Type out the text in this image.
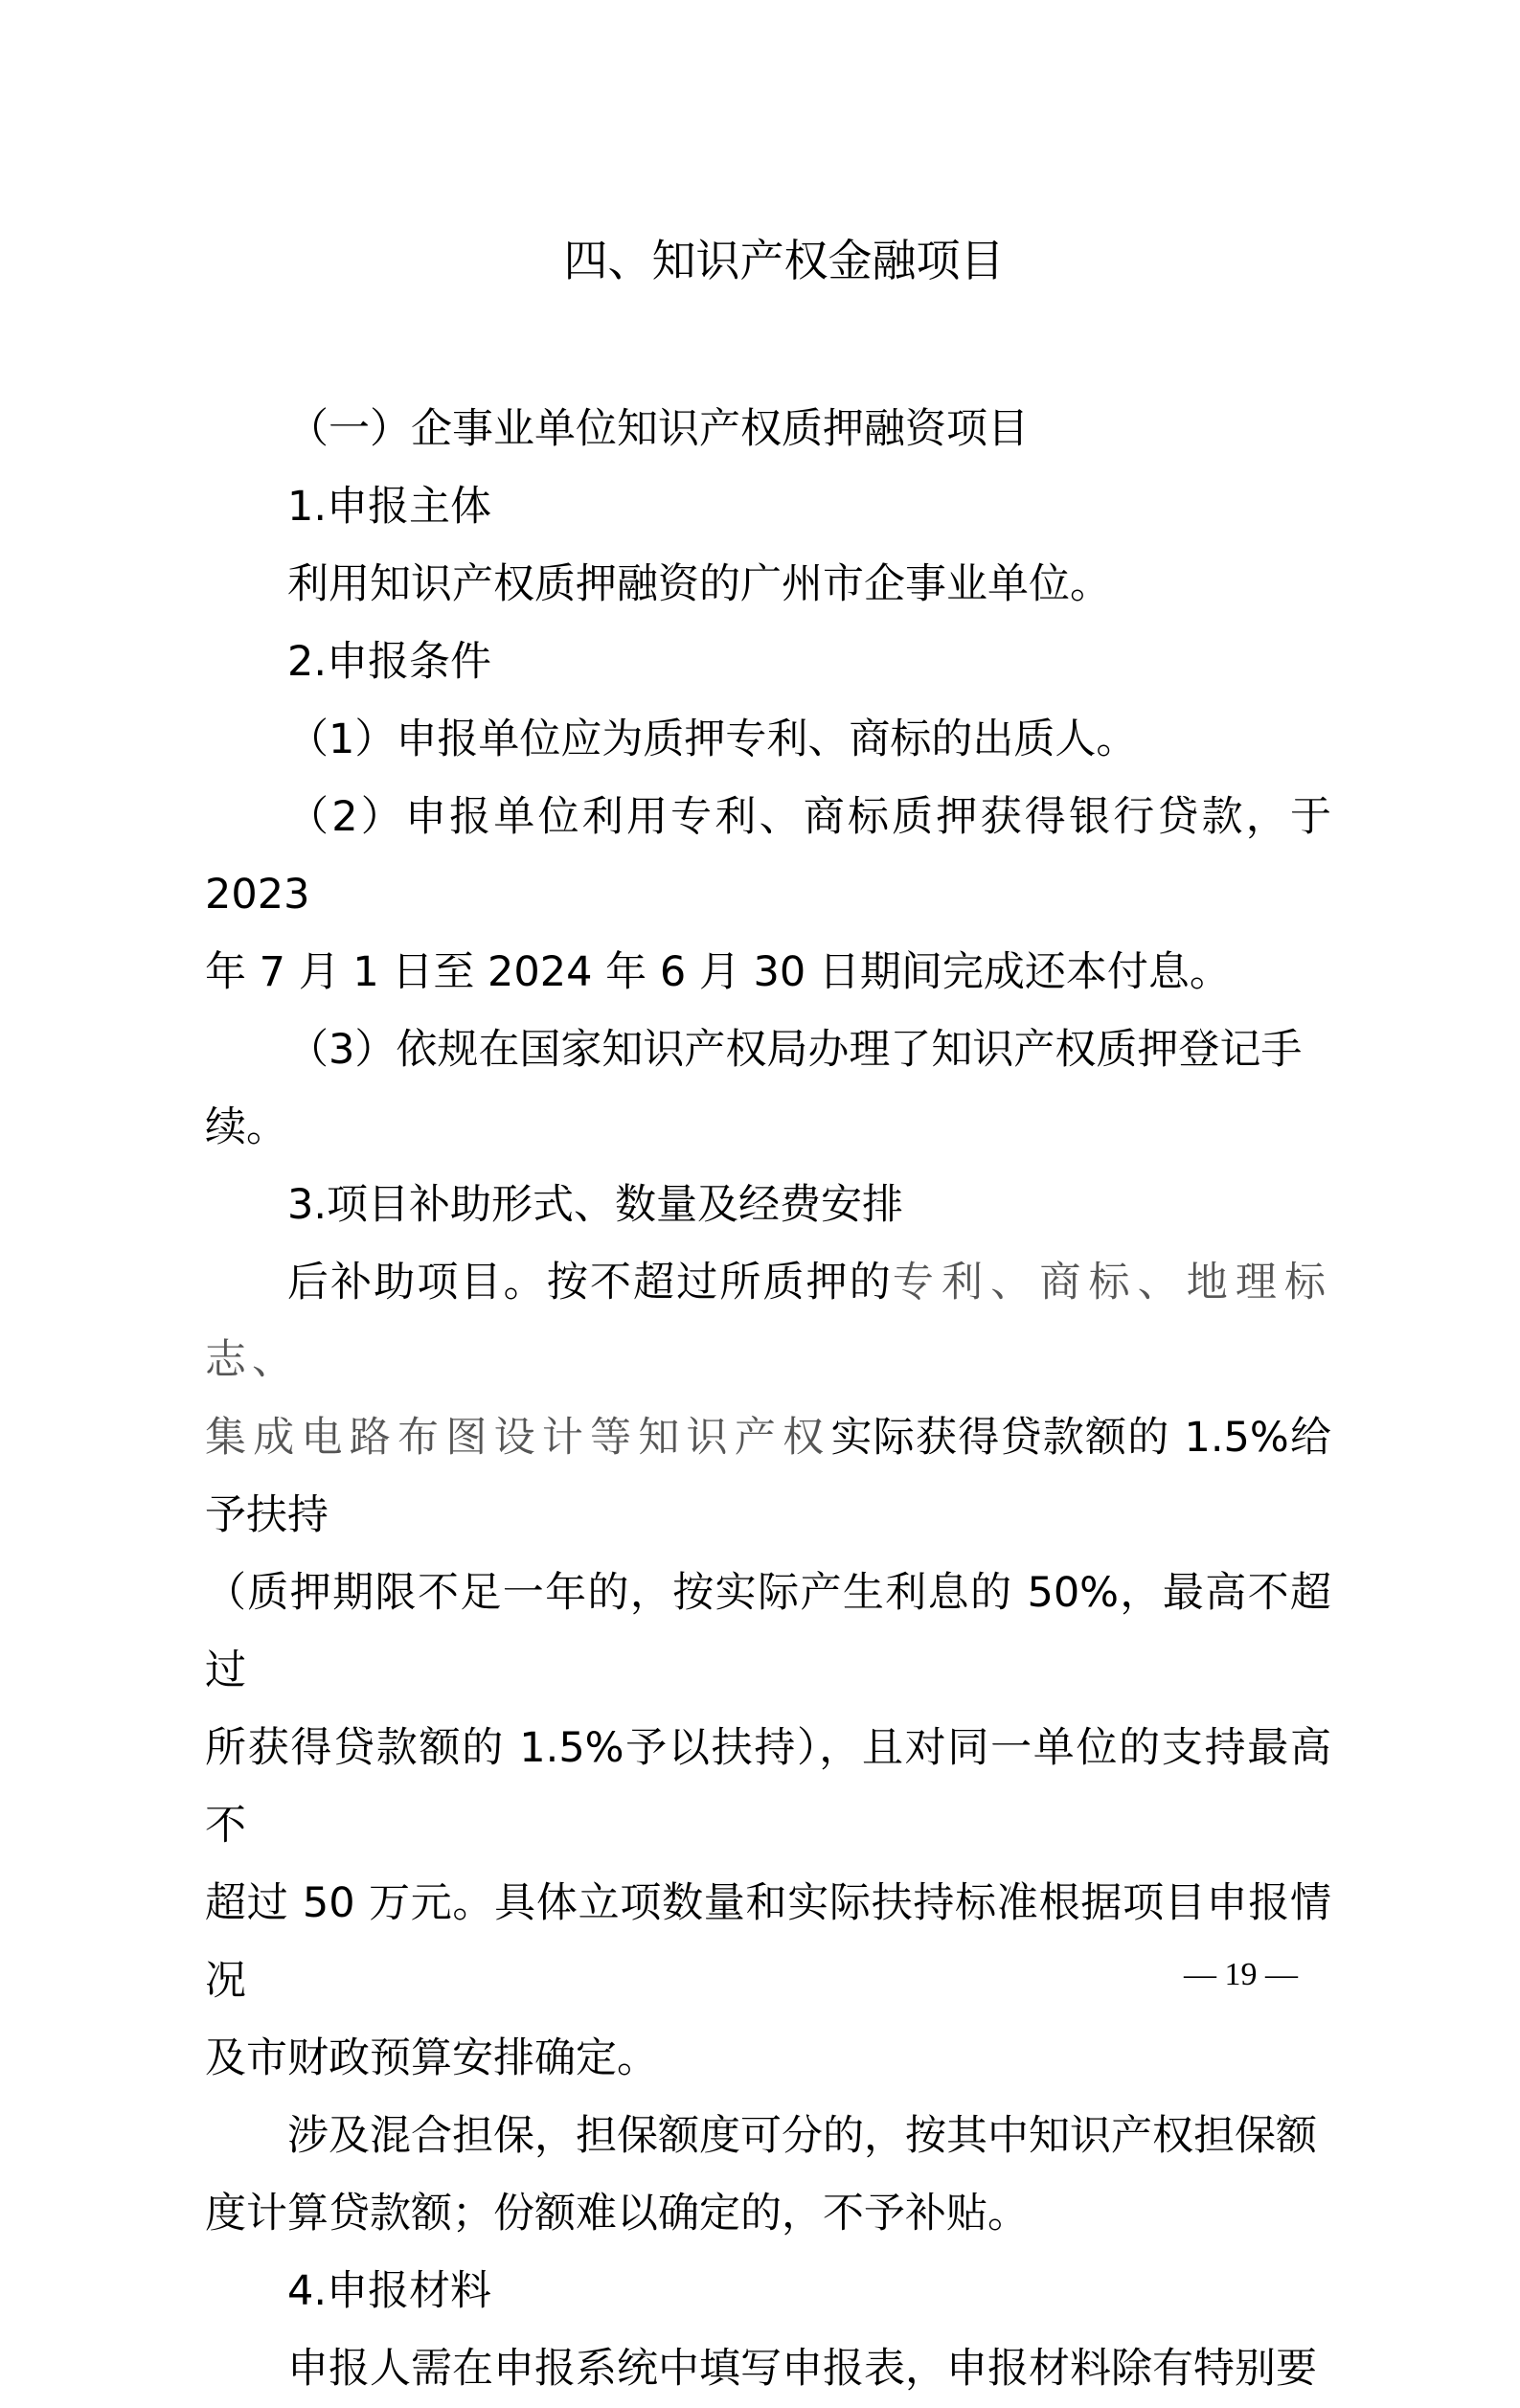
四、知识产权金融项目

（一）企事业单位知识产权质押融资项目

1.申报主体

利用知识产权质押融资的广州市企事业单位。

2.申报条件

（1）申报单位应为质押专利、商标的出质人。

（2）申报单位利用专利、商标质押获得银行贷款，于 2023

年 7 月 1 日至 2024 年 6 月 30 日期间完成还本付息。

（3）依规在国家知识产权局办理了知识产权质押登记手

续。

3.项目补助形式、数量及经费安排

后补助项目。按不超过所质押的专利、商标、地理标志、

集成电路布图设计等知识产权实际获得贷款额的 1.5%给予扶持

（质押期限不足一年的，按实际产生利息的 50%，最高不超过

所获得贷款额的 1.5%予以扶持），且对同一单位的支持最高不

超过 50 万元。具体立项数量和实际扶持标准根据项目申报情况

及市财政预算安排确定。

涉及混合担保，担保额度可分的，按其中知识产权担保额

度计算贷款额；份额难以确定的，不予补贴。

4.申报材料

申报人需在申报系统中填写申报表，申报材料除有特别要

— 19 —
